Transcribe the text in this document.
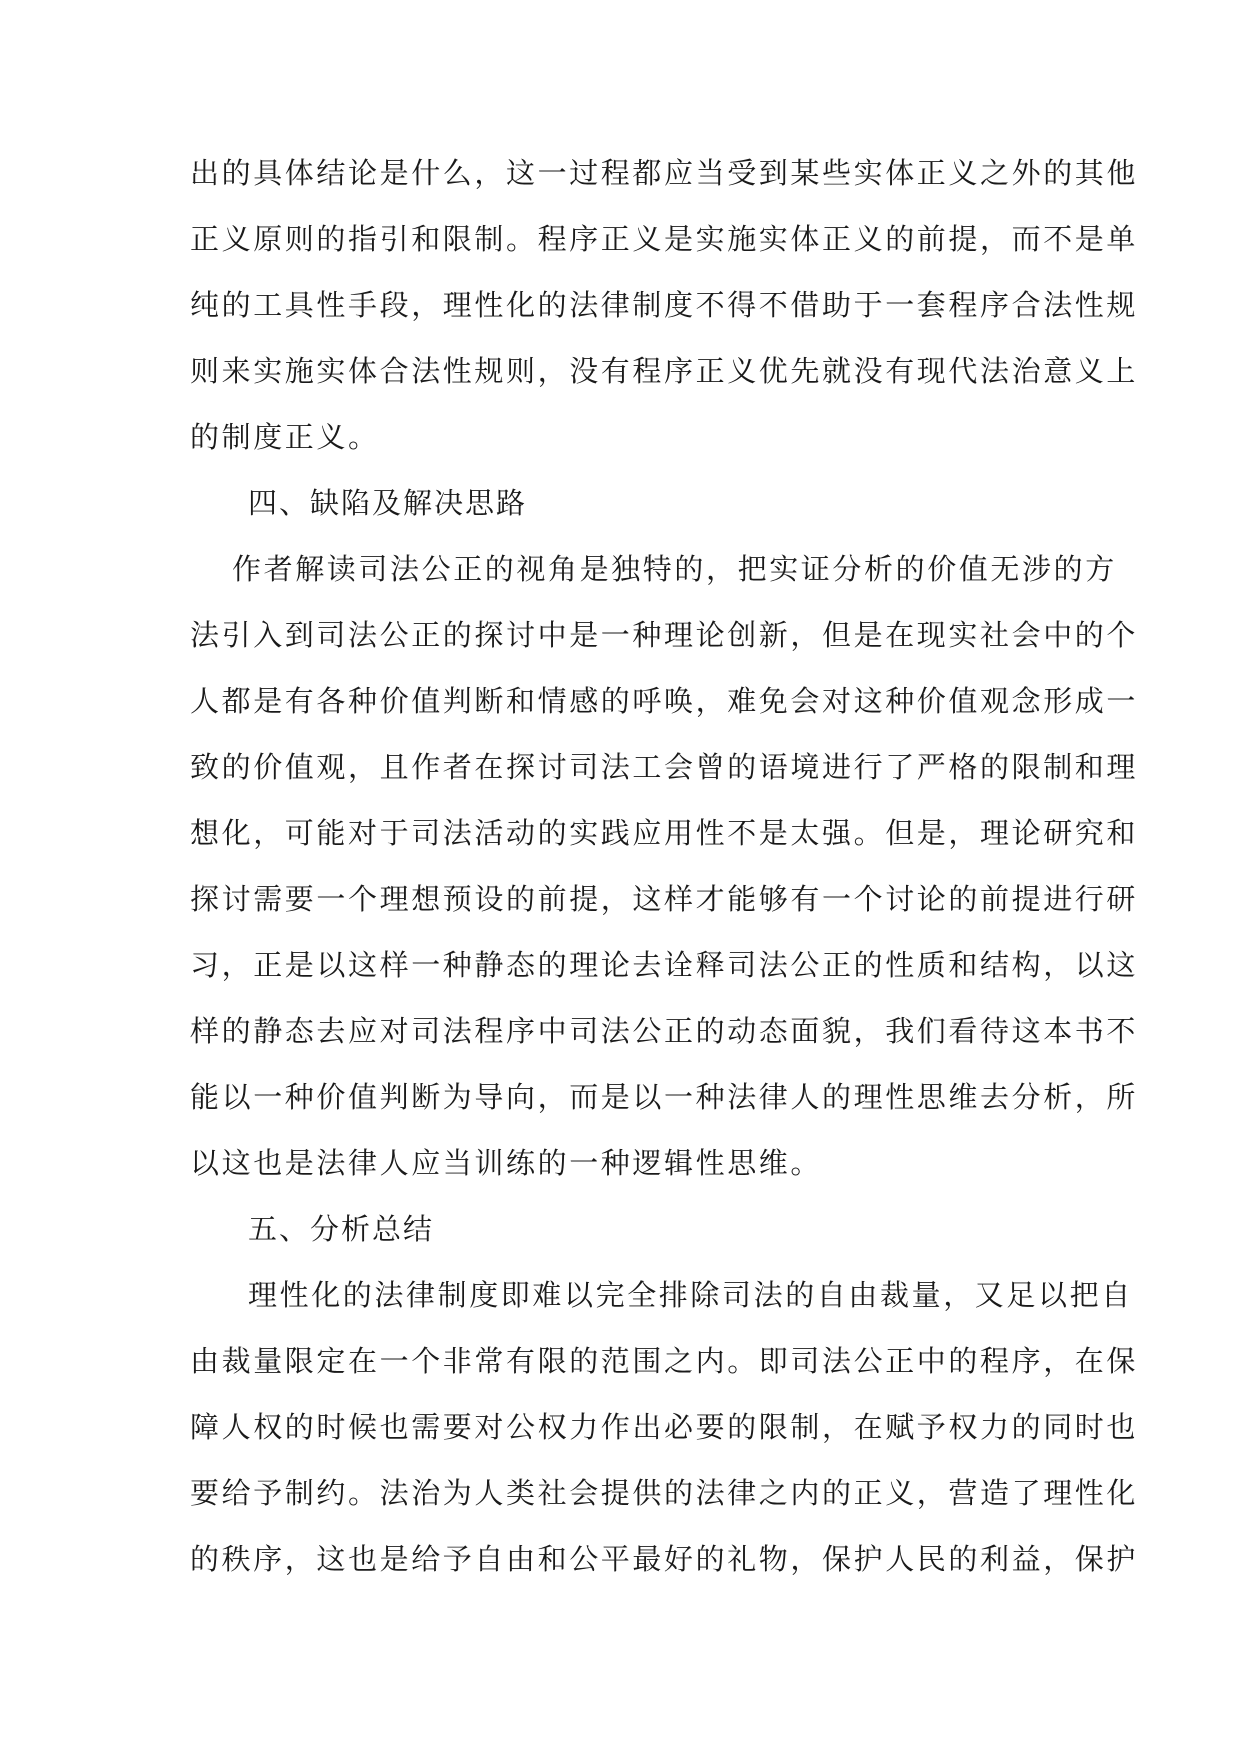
出的具体结论是什么，这一过程都应当受到某些实体正义之外的其他
正义原则的指引和限制。程序正义是实施实体正义的前提，而不是单
纯的工具性手段，理性化的法律制度不得不借助于一套程序合法性规
则来实施实体合法性规则，没有程序正义优先就没有现代法治意义上
的制度正义。
四、缺陷及解决思路
作者解读司法公正的视角是独特的，把实证分析的价值无涉的方
法引入到司法公正的探讨中是一种理论创新，但是在现实社会中的个
人都是有各种价值判断和情感的呼唤，难免会对这种价值观念形成一
致的价值观，且作者在探讨司法工会曾的语境进行了严格的限制和理
想化，可能对于司法活动的实践应用性不是太强。但是，理论研究和
探讨需要一个理想预设的前提，这样才能够有一个讨论的前提进行研
习，正是以这样一种静态的理论去诠释司法公正的性质和结构，以这
样的静态去应对司法程序中司法公正的动态面貌，我们看待这本书不
能以一种价值判断为导向，而是以一种法律人的理性思维去分析，所
以这也是法律人应当训练的一种逻辑性思维。
五、分析总结
理性化的法律制度即难以完全排除司法的自由裁量，又足以把自
由裁量限定在一个非常有限的范围之内。即司法公正中的程序，在保
障人权的时候也需要对公权力作出必要的限制，在赋予权力的同时也
要给予制约。法治为人类社会提供的法律之内的正义，营造了理性化
的秩序，这也是给予自由和公平最好的礼物，保护人民的利益，保护
